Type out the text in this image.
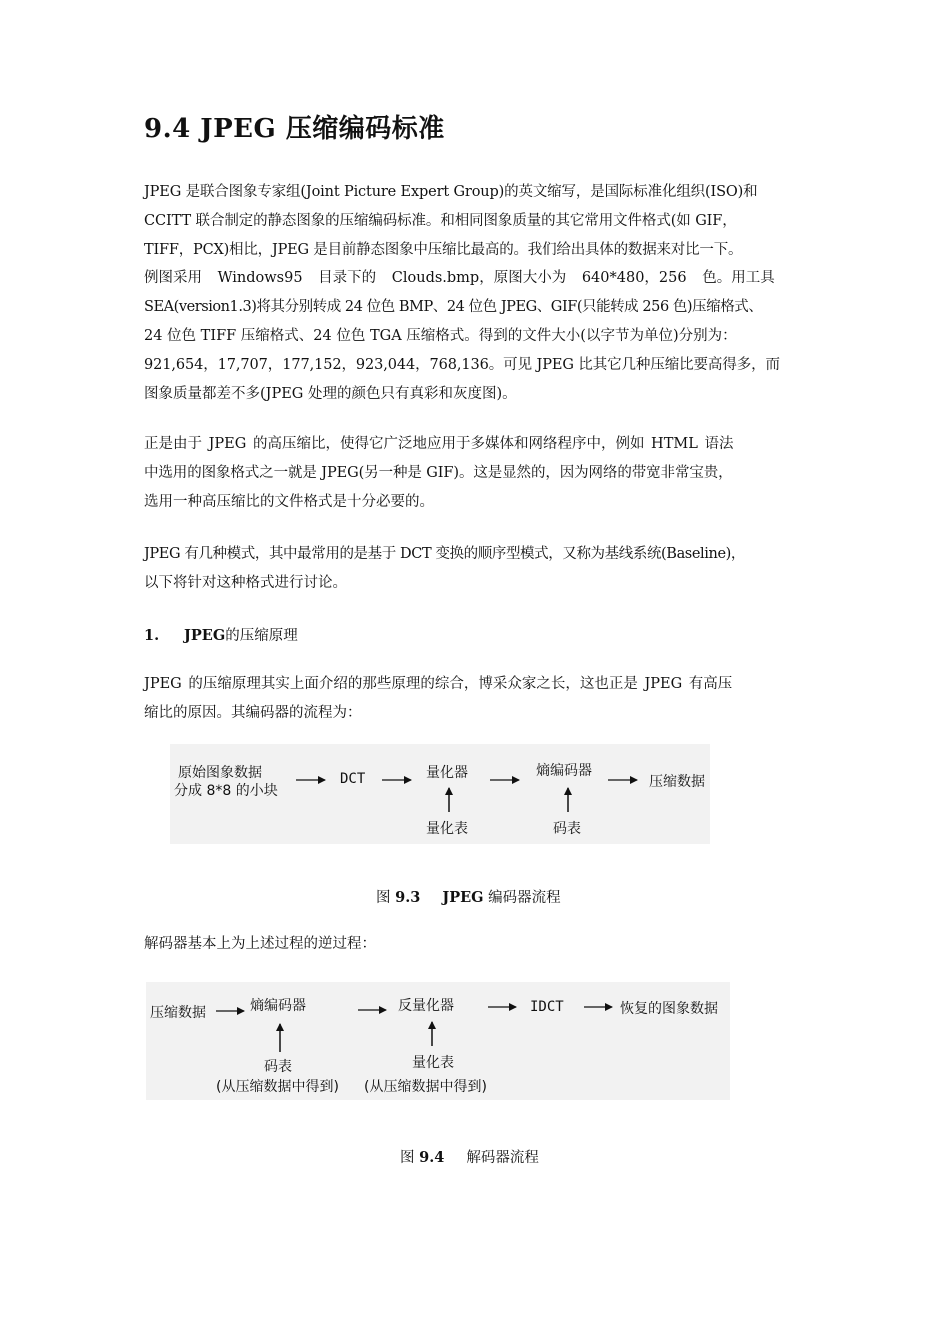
9.4 JPEG 压缩编码标准

JPEG 是联合图象专家组(Joint Picture Expert Group)的英文缩写，是国际标准化组织(ISO)和
CCITT 联合制定的静态图象的压缩编码标准。和相同图象质量的其它常用文件格式(如 GIF，
TIFF，PCX)相比，JPEG 是目前静态图象中压缩比最高的。我们给出具体的数据来对比一下。
例图采用 Windows95 目录下的 Clouds.bmp，原图大小为 640*480，256 色。用工具
SEA(version1.3)将其分别转成 24 位色 BMP、24 位色 JPEG、GIF(只能转成 256 色)压缩格式、
24 位色 TIFF 压缩格式、24 位色 TGA 压缩格式。得到的文件大小(以字节为单位)分别为：
921,654，17,707，177,152，923,044，768,136。可见 JPEG 比其它几种压缩比要高得多，而
图象质量都差不多(JPEG 处理的颜色只有真彩和灰度图)。

正是由于 JPEG 的高压缩比，使得它广泛地应用于多媒体和网络程序中，例如 HTML 语法
中选用的图象格式之一就是 JPEG(另一种是 GIF)。这是显然的，因为网络的带宽非常宝贵，
选用一种高压缩比的文件格式是十分必要的。

JPEG 有几种模式，其中最常用的是基于 DCT 变换的顺序型模式，又称为基线系统(Baseline)，
以下将针对这种格式进行讨论。

1. JPEG的压缩原理

JPEG 的压缩原理其实上面介绍的那些原理的综合，博采众家之长，这也正是 JPEG 有高压
缩比的原因。其编码器的流程为：

原始图象数据
分成 8*8 的小块
DCT	量化器	熵编码器
压缩数据
量化表	码表

图 9.3 JPEG 编码器流程

解码器基本上为上述过程的逆过程：

压缩数据	熵编码器	反量化器	IDCT	恢复的图象数据
码表
(从压缩数据中得到)
量化表
(从压缩数据中得到)

图 9.4 解码器流程
